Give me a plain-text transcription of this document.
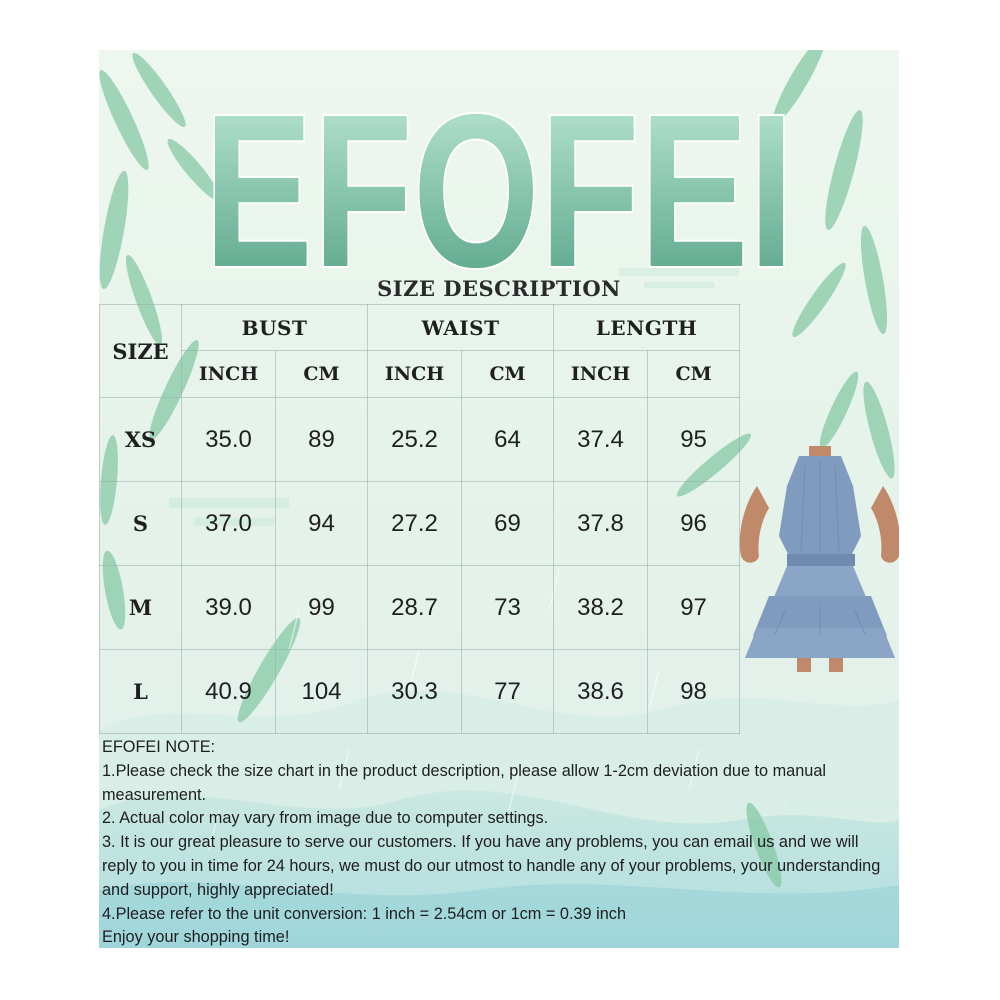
EFOFEI
SIZE DESCRIPTION
SIZE	BUST		WAIST		LENGTH	
	INCH	CM	INCH	CM	INCH	CM
XS	35.0	89	25.2	64	37.4	95
S	37.0	94	27.2	69	37.8	96
M	39.0	99	28.7	73	38.2	97
L	40.9	104	30.3	77	38.6	98
EFOFEI NOTE:
1.Please check the size chart in the product description, please allow 1-2cm deviation due to manual measurement.
2. Actual color may vary from image due to computer settings.
3. It is our great pleasure to serve our customers. If you have any problems, you can email us and we will reply to you in time for 24 hours, we must do our utmost to handle any of your problems, your understanding and support, highly appreciated!
4.Please refer to the unit conversion: 1 inch = 2.54cm or 1cm = 0.39 inch
Enjoy your shopping time!
